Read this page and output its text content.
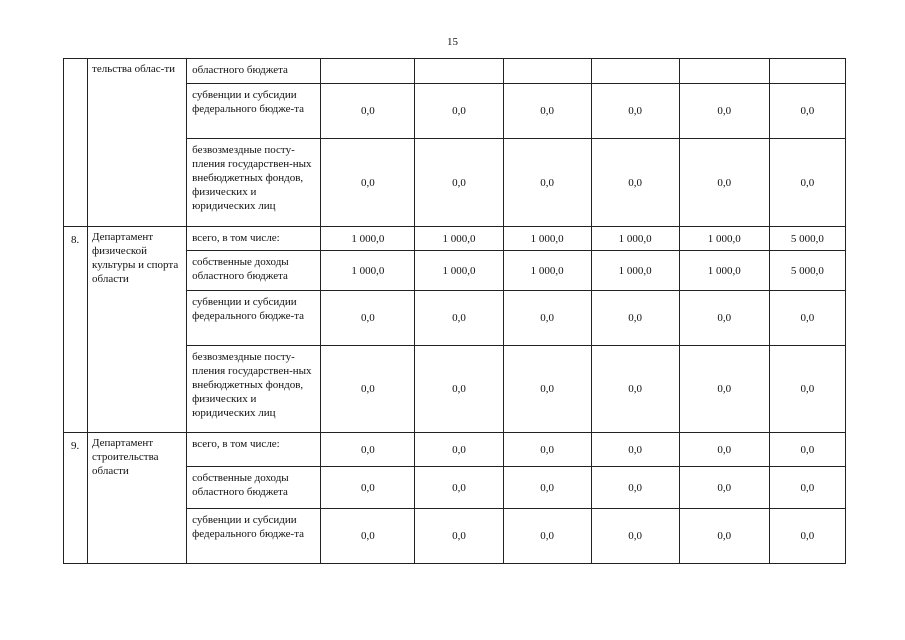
15
	тельства облас-ти	областного бюджета						
		субвенции и субсидии федерального бюдже-та	0,0	0,0	0,0	0,0	0,0	0,0
		безвозмездные посту-пления государствен-ных внебюджетных фондов, физических и юридических лиц	0,0	0,0	0,0	0,0	0,0	0,0
8.	Департамент физической культуры и спорта области	всего, в том числе:	1 000,0	1 000,0	1 000,0	1 000,0	1 000,0	5 000,0
		собственные доходы областного бюджета	1 000,0	1 000,0	1 000,0	1 000,0	1 000,0	5 000,0
		субвенции и субсидии федерального бюдже-та	0,0	0,0	0,0	0,0	0,0	0,0
		безвозмездные посту-пления государствен-ных внебюджетных фондов, физических и юридических лиц	0,0	0,0	0,0	0,0	0,0	0,0
9.	Департамент строительства области	всего, в том числе:	0,0	0,0	0,0	0,0	0,0	0,0
		собственные доходы областного бюджета	0,0	0,0	0,0	0,0	0,0	0,0
		субвенции и субсидии федерального бюдже-та	0,0	0,0	0,0	0,0	0,0	0,0
